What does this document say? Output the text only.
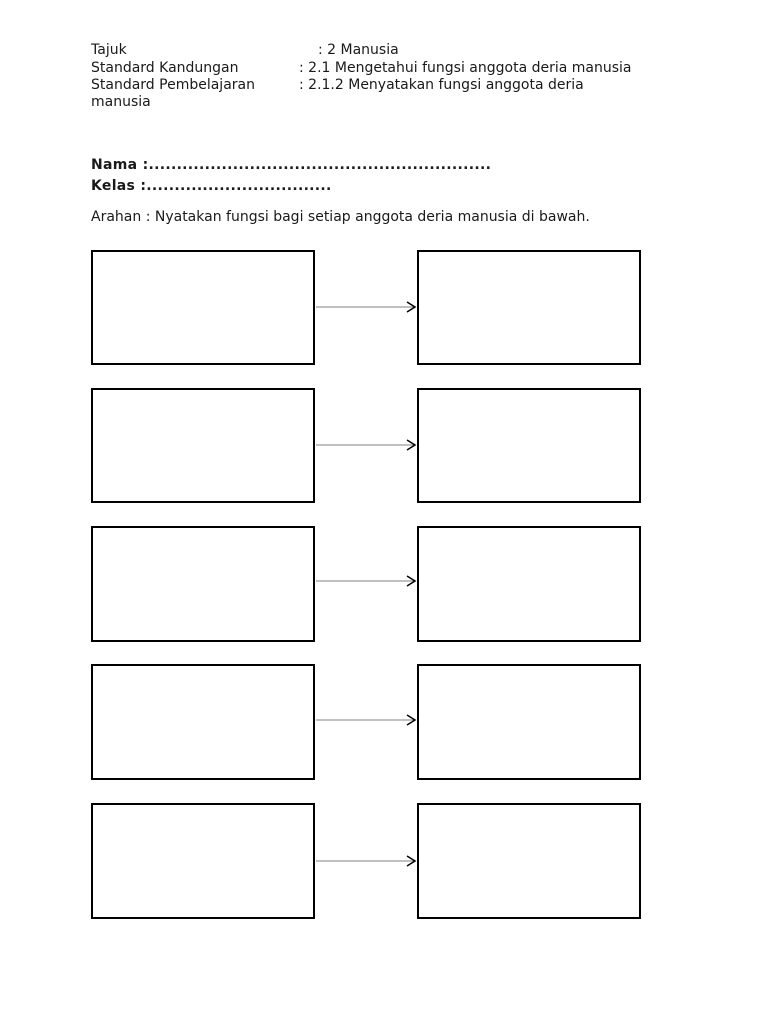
Tajuk	: 2 Manusia
Standard Kandungan	: 2.1 Mengetahui fungsi anggota deria manusia
Standard Pembelajaran	: 2.1.2 Menyatakan fungsi anggota deria
manusia
Nama :.............................................................
Kelas :.................................
Arahan : Nyatakan fungsi bagi setiap anggota deria manusia di bawah.
